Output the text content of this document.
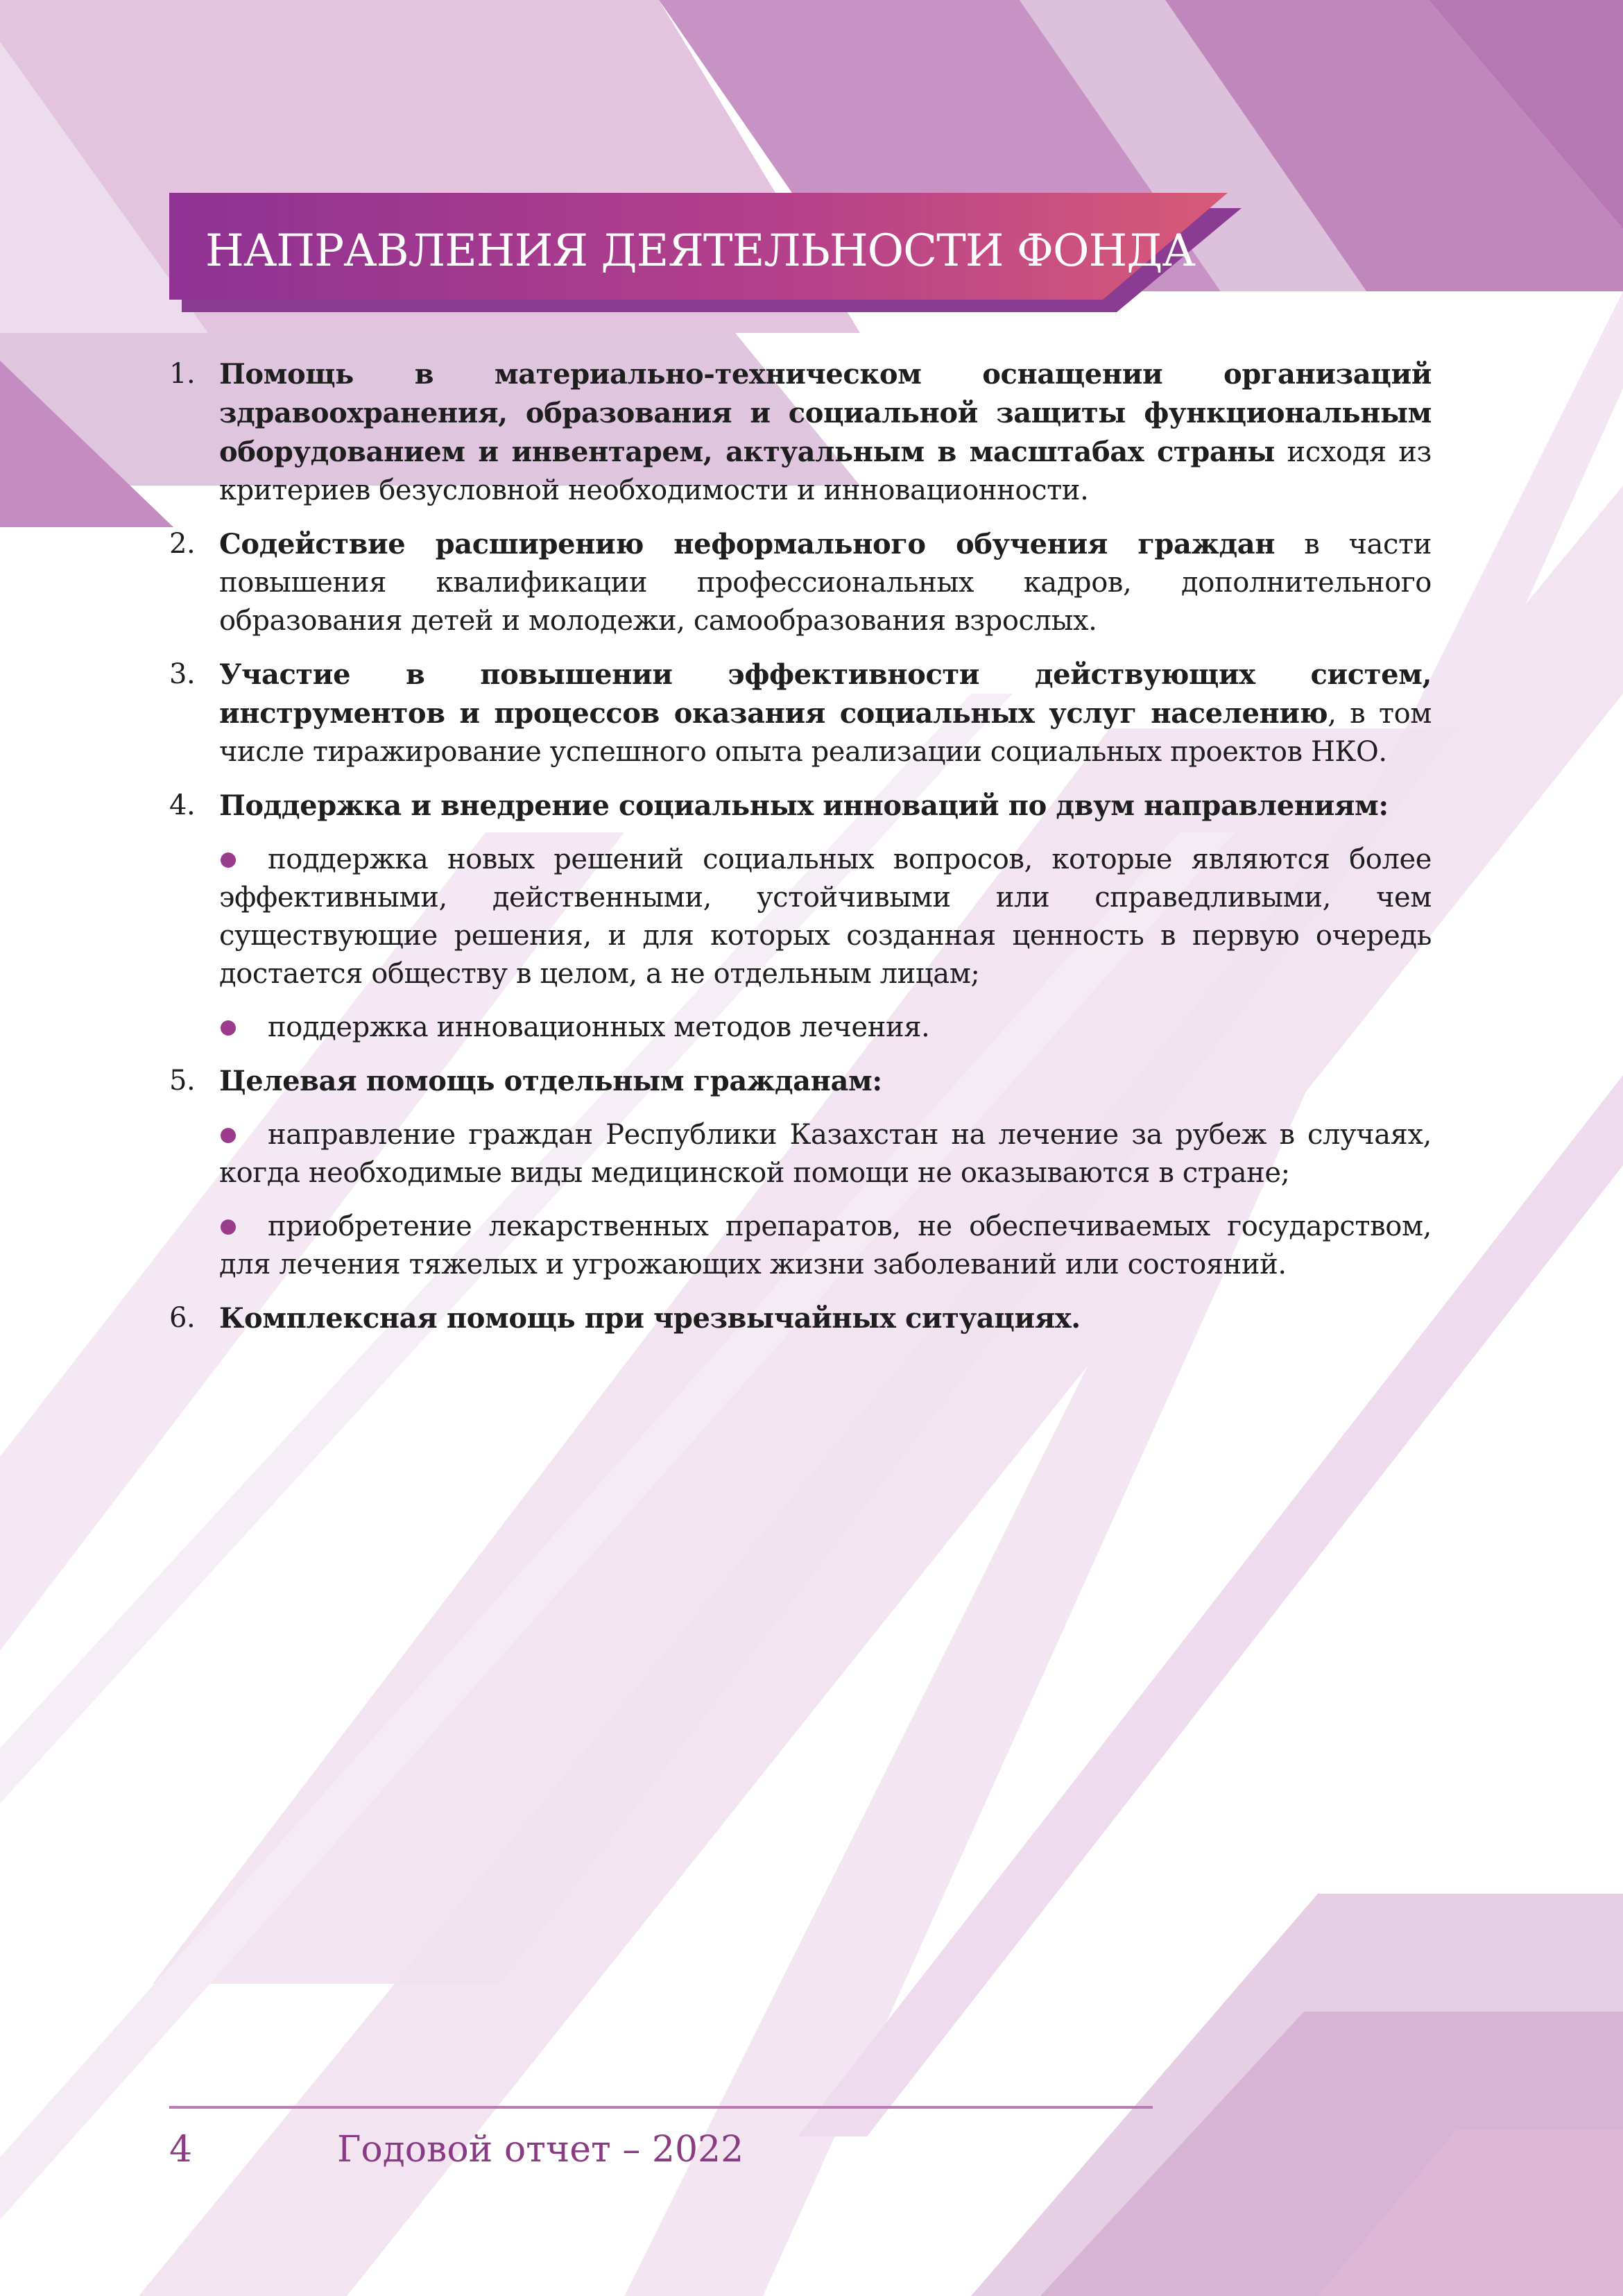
НАПРАВЛЕНИЯ ДЕЯТЕЛЬНОСТИ ФОНДА
1. Помощь в материально-техническом оснащении организаций здравоохранения, образования и социальной защиты функциональным оборудованием и инвентарем, актуальным в масштабах страны исходя из критериев безусловной необходимости и инновационности.
2. Содействие расширению неформального обучения граждан в части повышения квалификации профессиональных кадров, дополнительного образования детей и молодежи, самообразования взрослых.
3. Участие в повышении эффективности действующих систем, инструментов и процессов оказания социальных услуг населению, в том числе тиражирование успешного опыта реализации социальных проектов НКО.
4. Поддержка и внедрение социальных инноваций по двум направлениям:
поддержка новых решений социальных вопросов, которые являются более эффективными, действенными, устойчивыми или справедливыми, чем существующие решения, и для которых созданная ценность в первую очередь достается обществу в целом, а не отдельным лицам;
поддержка инновационных методов лечения.
5. Целевая помощь отдельным гражданам:
направление граждан Республики Казахстан на лечение за рубеж в случаях, когда необходимые виды медицинской помощи не оказываются в стране;
приобретение лекарственных препаратов, не обеспечиваемых государством, для лечения тяжелых и угрожающих жизни заболеваний или состояний.
6. Комплексная помощь при чрезвычайных ситуациях.
4	Годовой отчет – 2022
